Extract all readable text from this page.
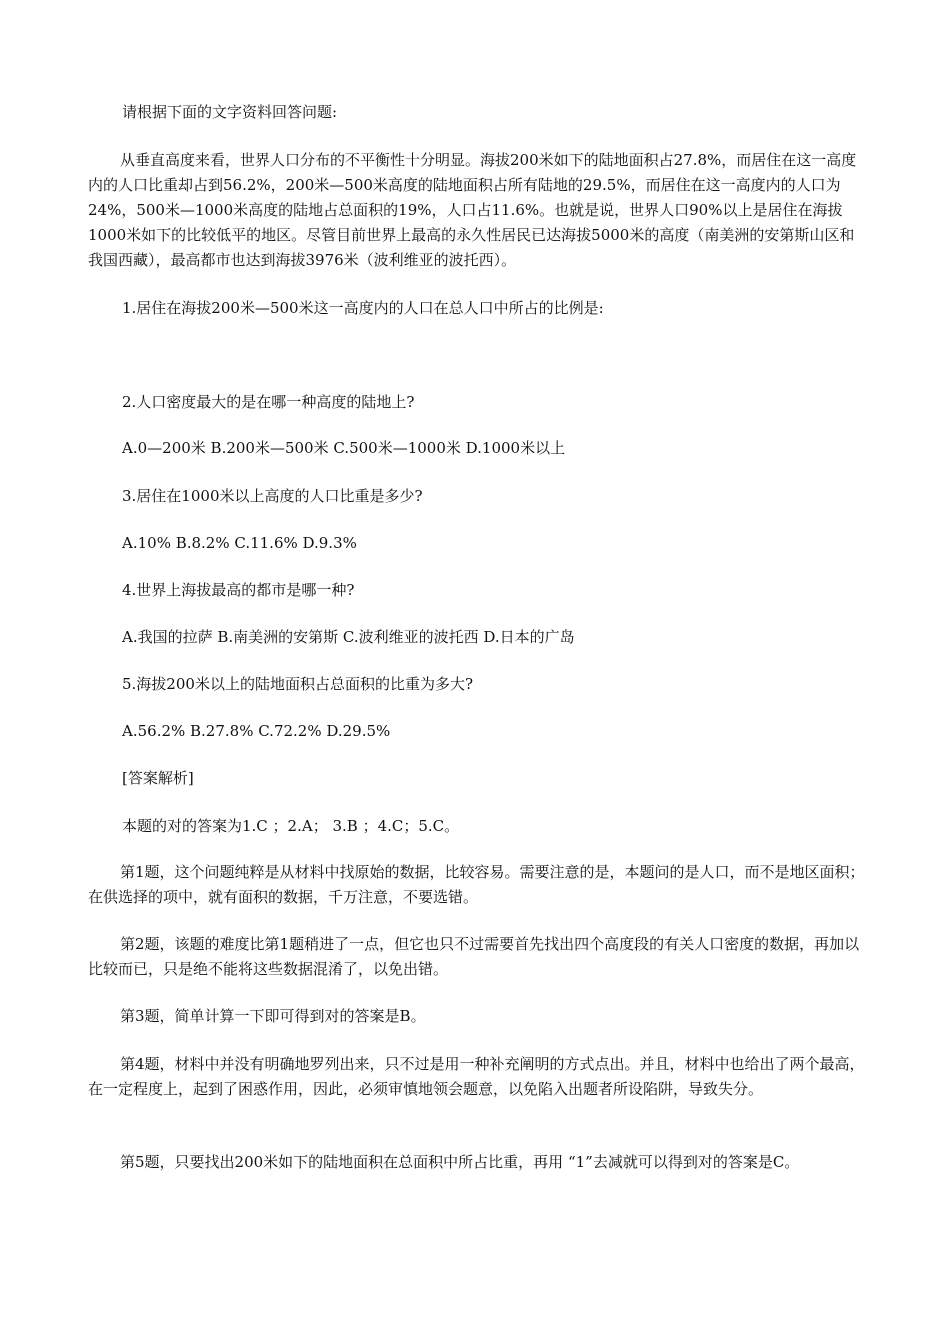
请根据下面的文字资料回答问题:

从垂直高度来看，世界人口分布的不平衡性十分明显。海拔200米如下的陆地面积占27.8%，而居住在这一高度内的人口比重却占到56.2%，200米—500米高度的陆地面积占所有陆地的29.5%，而居住在这一高度内的人口为24%，500米—1000米高度的陆地占总面积的19%，人口占11.6%。也就是说，世界人口90%以上是居住在海拔1000米如下的比较低平的地区。尽管目前世界上最高的永久性居民已达海拔5000米的高度（南美洲的安第斯山区和我国西藏），最高都市也达到海拔3976米（波利维亚的波托西）。

1.居住在海拔200米—500米这一高度内的人口在总人口中所占的比例是:

2.人口密度最大的是在哪一种高度的陆地上?

A.0—200米 B.200米—500米 C.500米—1000米 D.1000米以上

3.居住在1000米以上高度的人口比重是多少?

A.10% B.8.2% C.11.6% D.9.3%

4.世界上海拔最高的都市是哪一种?

A.我国的拉萨 B.南美洲的安第斯 C.波利维亚的波托西 D.日本的广岛

5.海拔200米以上的陆地面积占总面积的比重为多大?

A.56.2% B.27.8% C.72.2% D.29.5%

[答案解析]

本题的对的答案为1.C ；2.A； 3.B ；4.C；5.C。

第1题，这个问题纯粹是从材料中找原始的数据，比较容易。需要注意的是，本题问的是人口，而不是地区面积；在供选择的项中，就有面积的数据，千万注意，不要选错。

第2题，该题的难度比第1题稍进了一点，但它也只不过需要首先找出四个高度段的有关人口密度的数据，再加以比较而已，只是绝不能将这些数据混淆了，以免出错。

第3题，简单计算一下即可得到对的答案是B。

第4题，材料中并没有明确地罗列出来，只不过是用一种补充阐明的方式点出。并且，材料中也给出了两个最高，在一定程度上，起到了困惑作用，因此，必须审慎地领会题意，以免陷入出题者所设陷阱，导致失分。

第5题，只要找出200米如下的陆地面积在总面积中所占比重，再用 “1”去减就可以得到对的答案是C。
